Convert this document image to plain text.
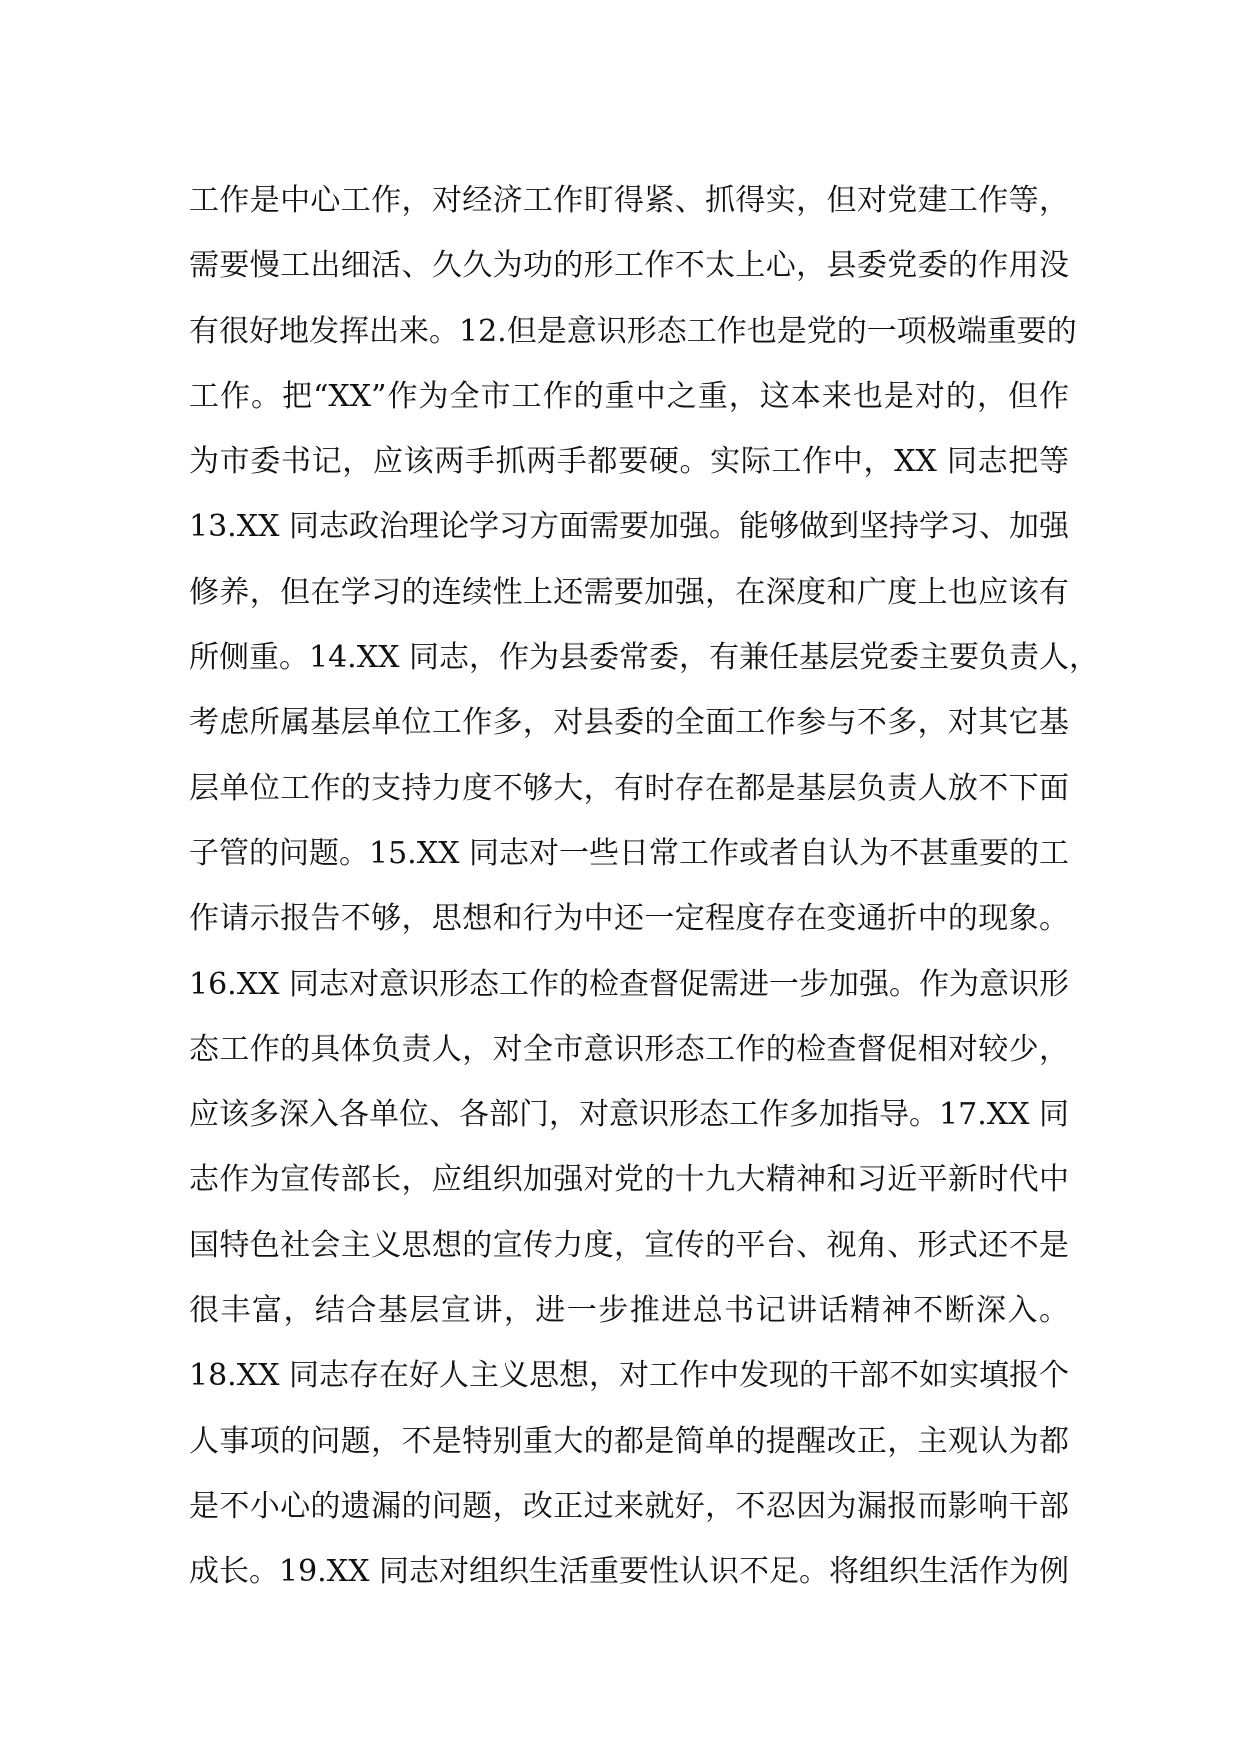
工作是中心工作，对经济工作盯得紧、抓得实，但对党建工作等，
需要慢工出细活、久久为功的形工作不太上心，县委党委的作用没
有很好地发挥出来。12.但是意识形态工作也是党的一项极端重要的
工作。把“XX”作为全市工作的重中之重，这本来也是对的，但作
为市委书记，应该两手抓两手都要硬。实际工作中，XX 同志把等
13.XX 同志政治理论学习方面需要加强。能够做到坚持学习、加强
修养，但在学习的连续性上还需要加强，在深度和广度上也应该有
所侧重。14.XX 同志，作为县委常委，有兼任基层党委主要负责人，
考虑所属基层单位工作多，对县委的全面工作参与不多，对其它基
层单位工作的支持力度不够大，有时存在都是基层负责人放不下面
子管的问题。15.XX 同志对一些日常工作或者自认为不甚重要的工
作请示报告不够，思想和行为中还一定程度存在变通折中的现象。
16.XX 同志对意识形态工作的检查督促需进一步加强。作为意识形
态工作的具体负责人，对全市意识形态工作的检查督促相对较少，
应该多深入各单位、各部门，对意识形态工作多加指导。17.XX 同
志作为宣传部长，应组织加强对党的十九大精神和习近平新时代中
国特色社会主义思想的宣传力度，宣传的平台、视角、形式还不是
很丰富，结合基层宣讲，进一步推进总书记讲话精神不断深入。
18.XX 同志存在好人主义思想，对工作中发现的干部不如实填报个
人事项的问题，不是特别重大的都是简单的提醒改正，主观认为都
是不小心的遗漏的问题，改正过来就好，不忍因为漏报而影响干部
成长。19.XX 同志对组织生活重要性认识不足。将组织生活作为例
